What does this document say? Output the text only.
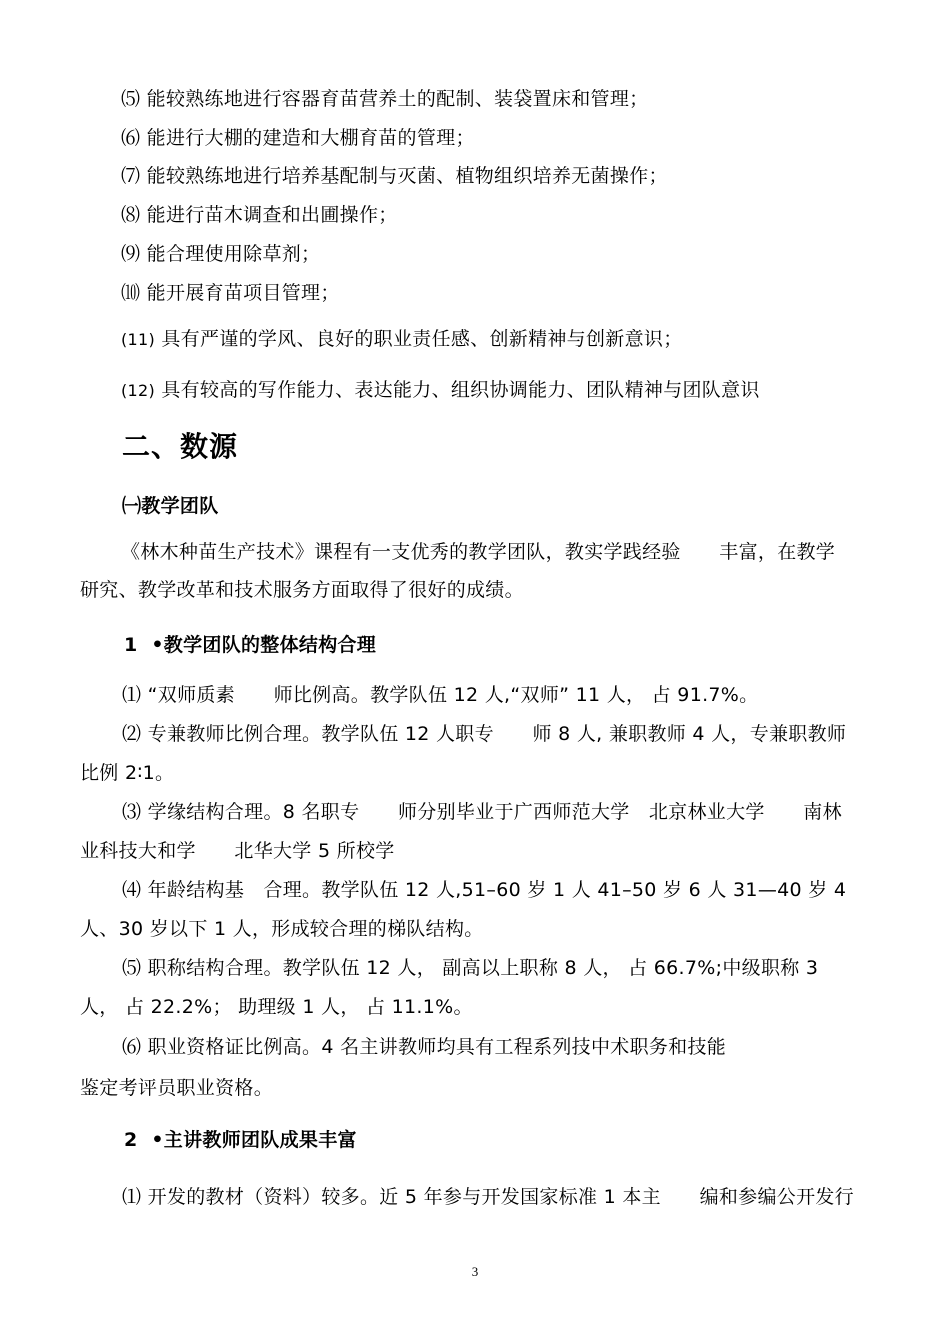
⑸ 能较熟练地进行容器育苗营养土的配制、装袋置床和管理；
⑹ 能进行大棚的建造和大棚育苗的管理；
⑺ 能较熟练地进行培养基配制与灭菌、植物组织培养无菌操作；
⑻ 能进行苗木调查和出圃操作；
⑼ 能合理使用除草剂；
⑽ 能开展育苗项目管理；
(11) 具有严谨的学风、良好的职业责任感、创新精神与创新意识；
(12) 具有较高的写作能力、表达能力、组织协调能力、团队精神与团队意识
二、数源
㈠教学团队
《林木种苗生产技术》课程有一支优秀的教学团队，教实学践经验　　丰富，在教学
研究、教学改革和技术服务方面取得了很好的成绩。
1  •教学团队的整体结构合理
⑴ “双师质素　　师比例高。教学队伍 12 人,“双师” 11 人， 占 91.7%。
⑵ 专兼教师比例合理。教学队伍 12 人职专　　师 8 人, 兼职教师 4 人，专兼职教师
比例 2∶1。
⑶ 学缘结构合理。8 名职专　　师分别毕业于广西师范大学　北京林业大学　　南林
业科技大和学　　北华大学 5 所校学
⑷ 年龄结构基　合理。教学队伍 12 人,51–60 岁 1 人 41–50 岁 6 人 31—40 岁 4
人、30 岁以下 1 人，形成较合理的梯队结构。
⑸ 职称结构合理。教学队伍 12 人， 副高以上职称 8 人， 占 66.7%;中级职称 3
人， 占 22.2%； 助理级 1 人， 占 11.1%。
⑹ 职业资格证比例高。4 名主讲教师均具有工程系列技中术职务和技能
鉴定考评员职业资格。
2  •主讲教师团队成果丰富
⑴ 开发的教材（资料）较多。近 5 年参与开发国家标准 1 本主　　编和参编公开发行
3
